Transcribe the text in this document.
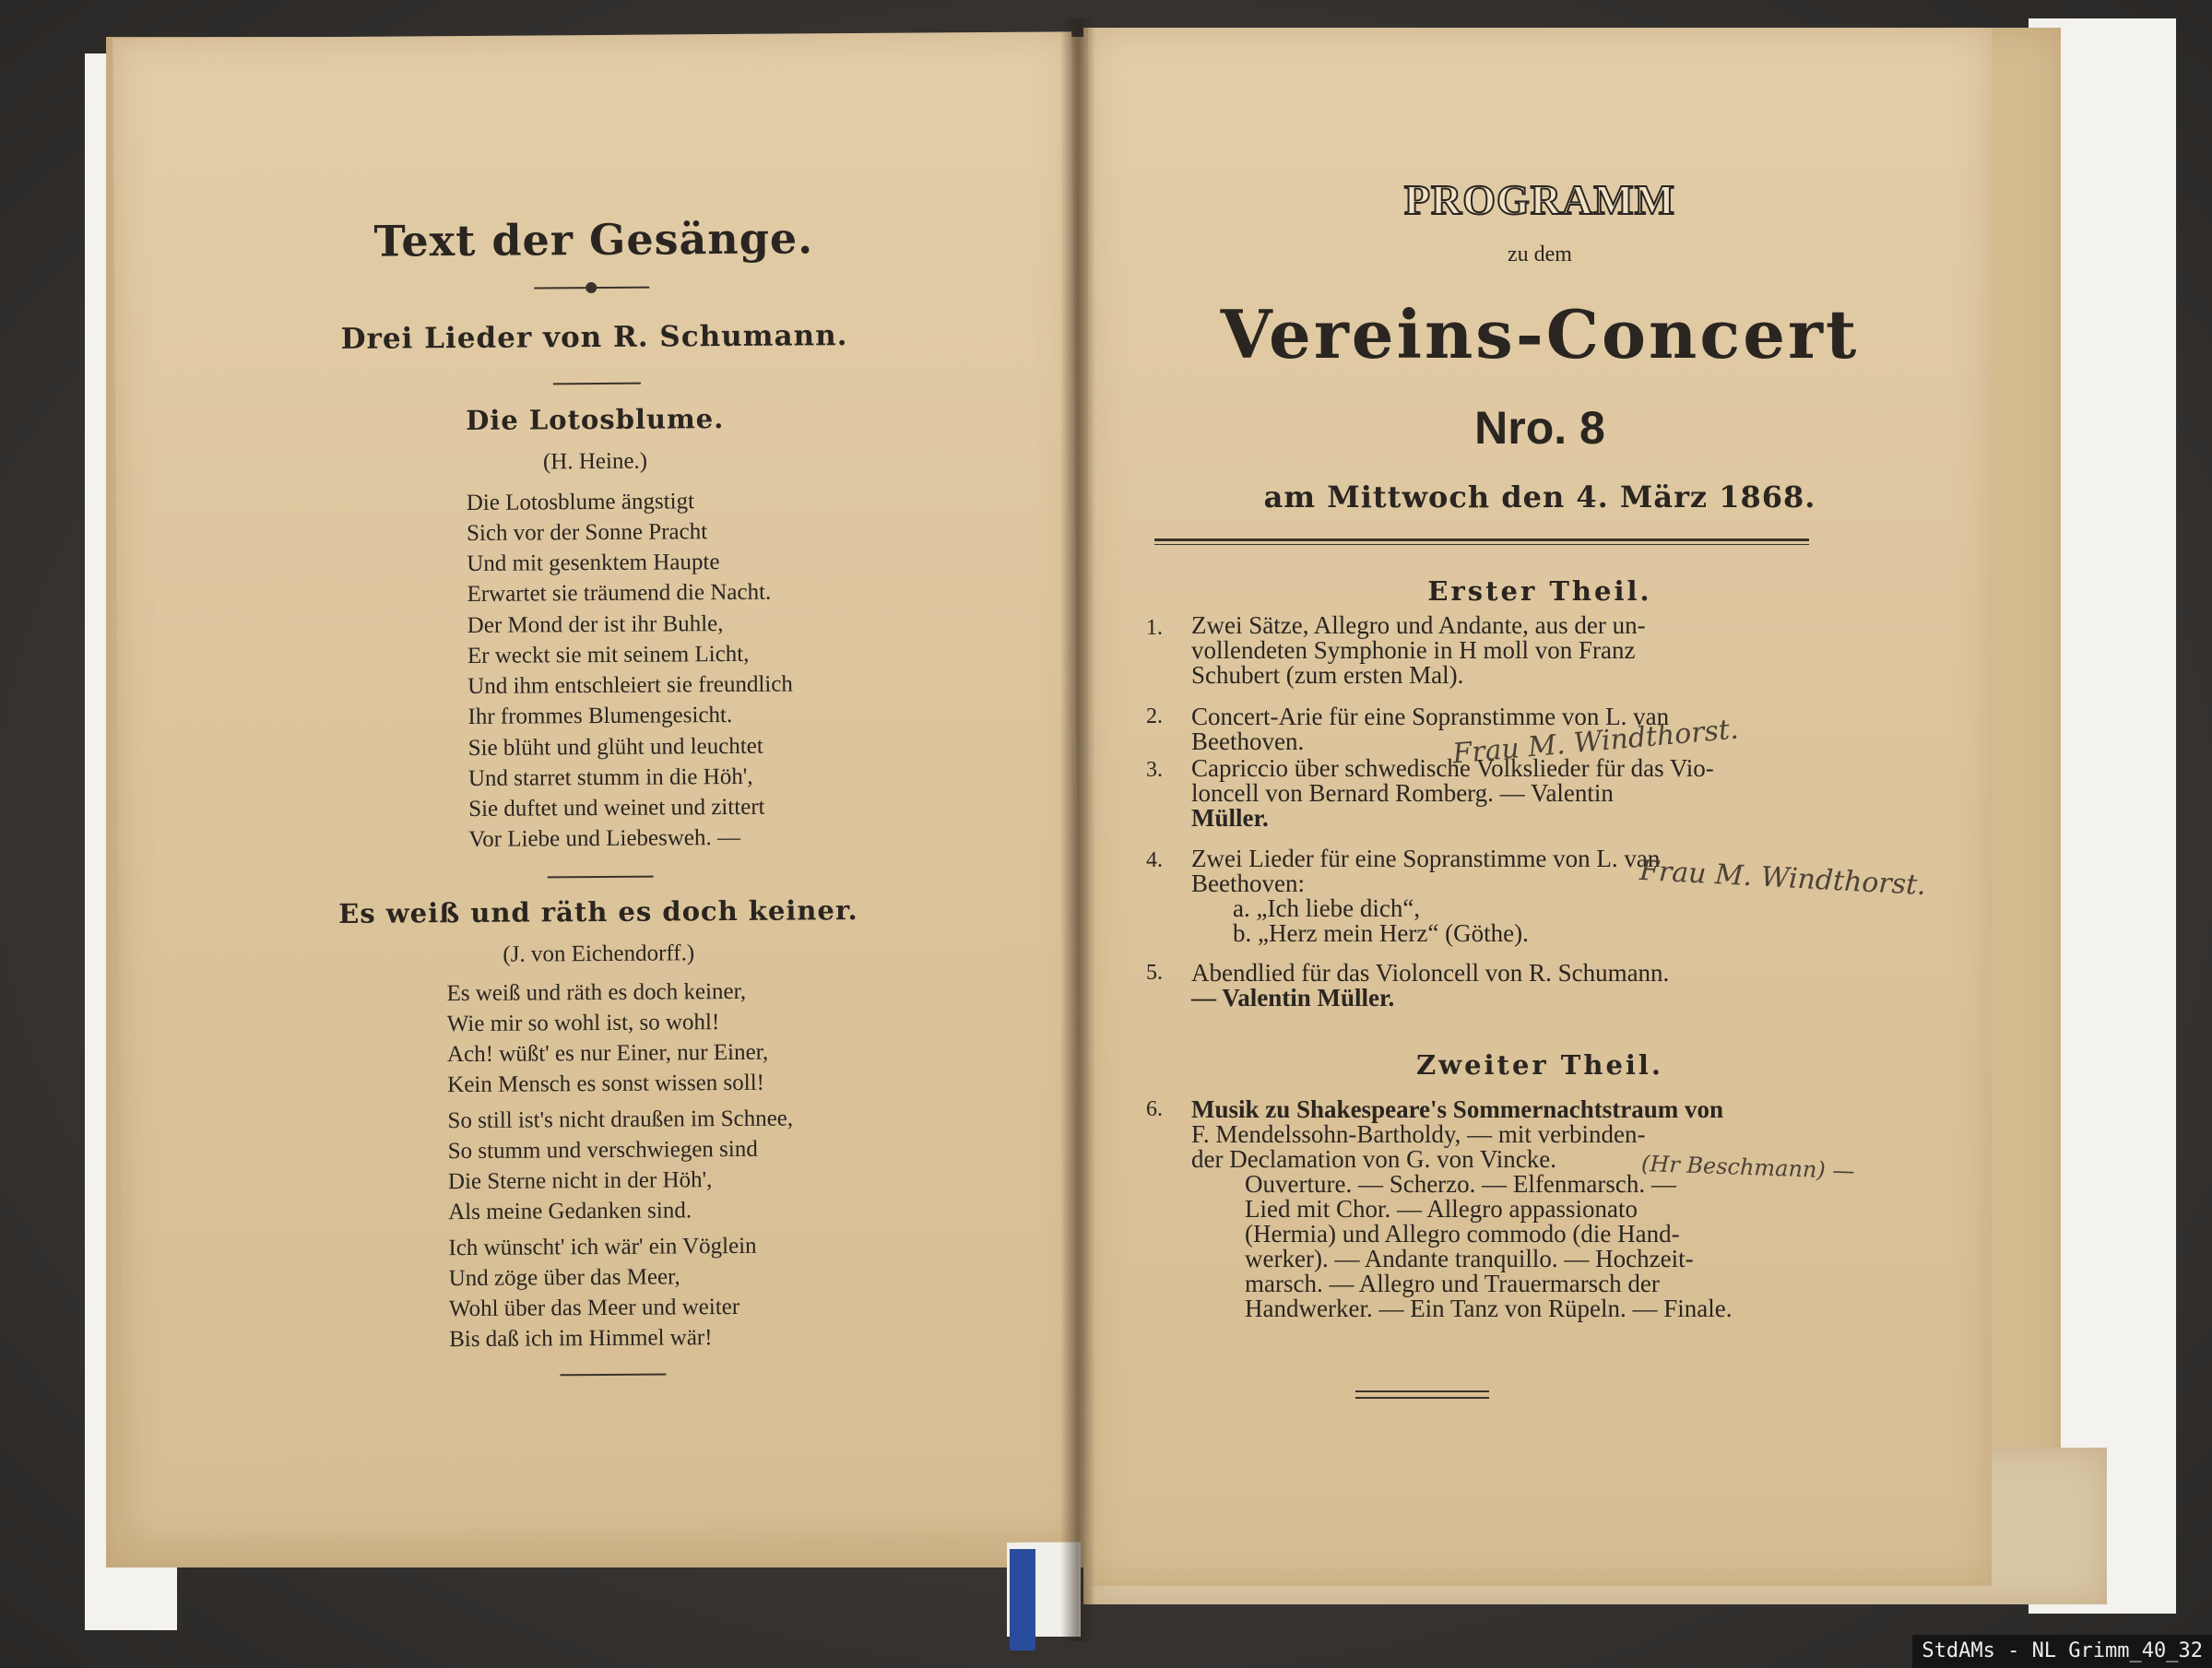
Text der Gesänge.
Drei Lieder von R. Schumann.
Die Lotosblume.
(H. Heine.)
Die Lotosblume ängstigt
Sich vor der Sonne Pracht
Und mit gesenktem Haupte
Erwartet sie träumend die Nacht.
Der Mond der ist ihr Buhle,
Er weckt sie mit seinem Licht,
Und ihm entschleiert sie freundlich
Ihr frommes Blumengesicht.
Sie blüht und glüht und leuchtet
Und starret stumm in die Höh',
Sie duftet und weinet und zittert
Vor Liebe und Liebesweh. —
Es weiß und räth es doch keiner.
(J. von Eichendorff.)
Es weiß und räth es doch keiner,
Wie mir so wohl ist, so wohl!
Ach! wüßt' es nur Einer, nur Einer,
Kein Mensch es sonst wissen soll!
So still ist's nicht draußen im Schnee,
So stumm und verschwiegen sind
Die Sterne nicht in der Höh',
Als meine Gedanken sind.
Ich wünscht' ich wär' ein Vöglein
Und zöge über das Meer,
Wohl über das Meer und weiter
Bis daß ich im Himmel wär!
PROGRAMM
zu dem
Vereins-Concert
Nro. 8
am Mittwoch den 4. März 1868.
Erster Theil.
1. Zwei Sätze, Allegro und Andante, aus der un-
vollendeten Symphonie in H moll von Franz
Schubert (zum ersten Mal).
2. Concert-Arie für eine Sopranstimme von L. van
Beethoven.
3. Capriccio über schwedische Volkslieder für das Vio-
loncell von Bernard Romberg. — Valentin
Müller.
4. Zwei Lieder für eine Sopranstimme von L. van
Beethoven:
a. „Ich liebe dich“,
b. „Herz mein Herz“ (Göthe).
5. Abendlied für das Violoncell von R. Schumann.
— Valentin Müller.
Zweiter Theil.
6. Musik zu Shakespeare's Sommernachtstraum von
F. Mendelssohn-Bartholdy, — mit verbinden-
der Declamation von G. von Vincke.
Ouverture. — Scherzo. — Elfenmarsch. —
Lied mit Chor. — Allegro appassionato
(Hermia) und Allegro commodo (die Hand-
werker). — Andante tranquillo. — Hochzeit-
marsch. — Allegro und Trauermarsch der
Handwerker. — Ein Tanz von Rüpeln. — Finale.
Frau M. Windthorst.
Frau M. Windthorst.
(Hr Beschmann) —
StdAMs - NL Grimm_40_32
